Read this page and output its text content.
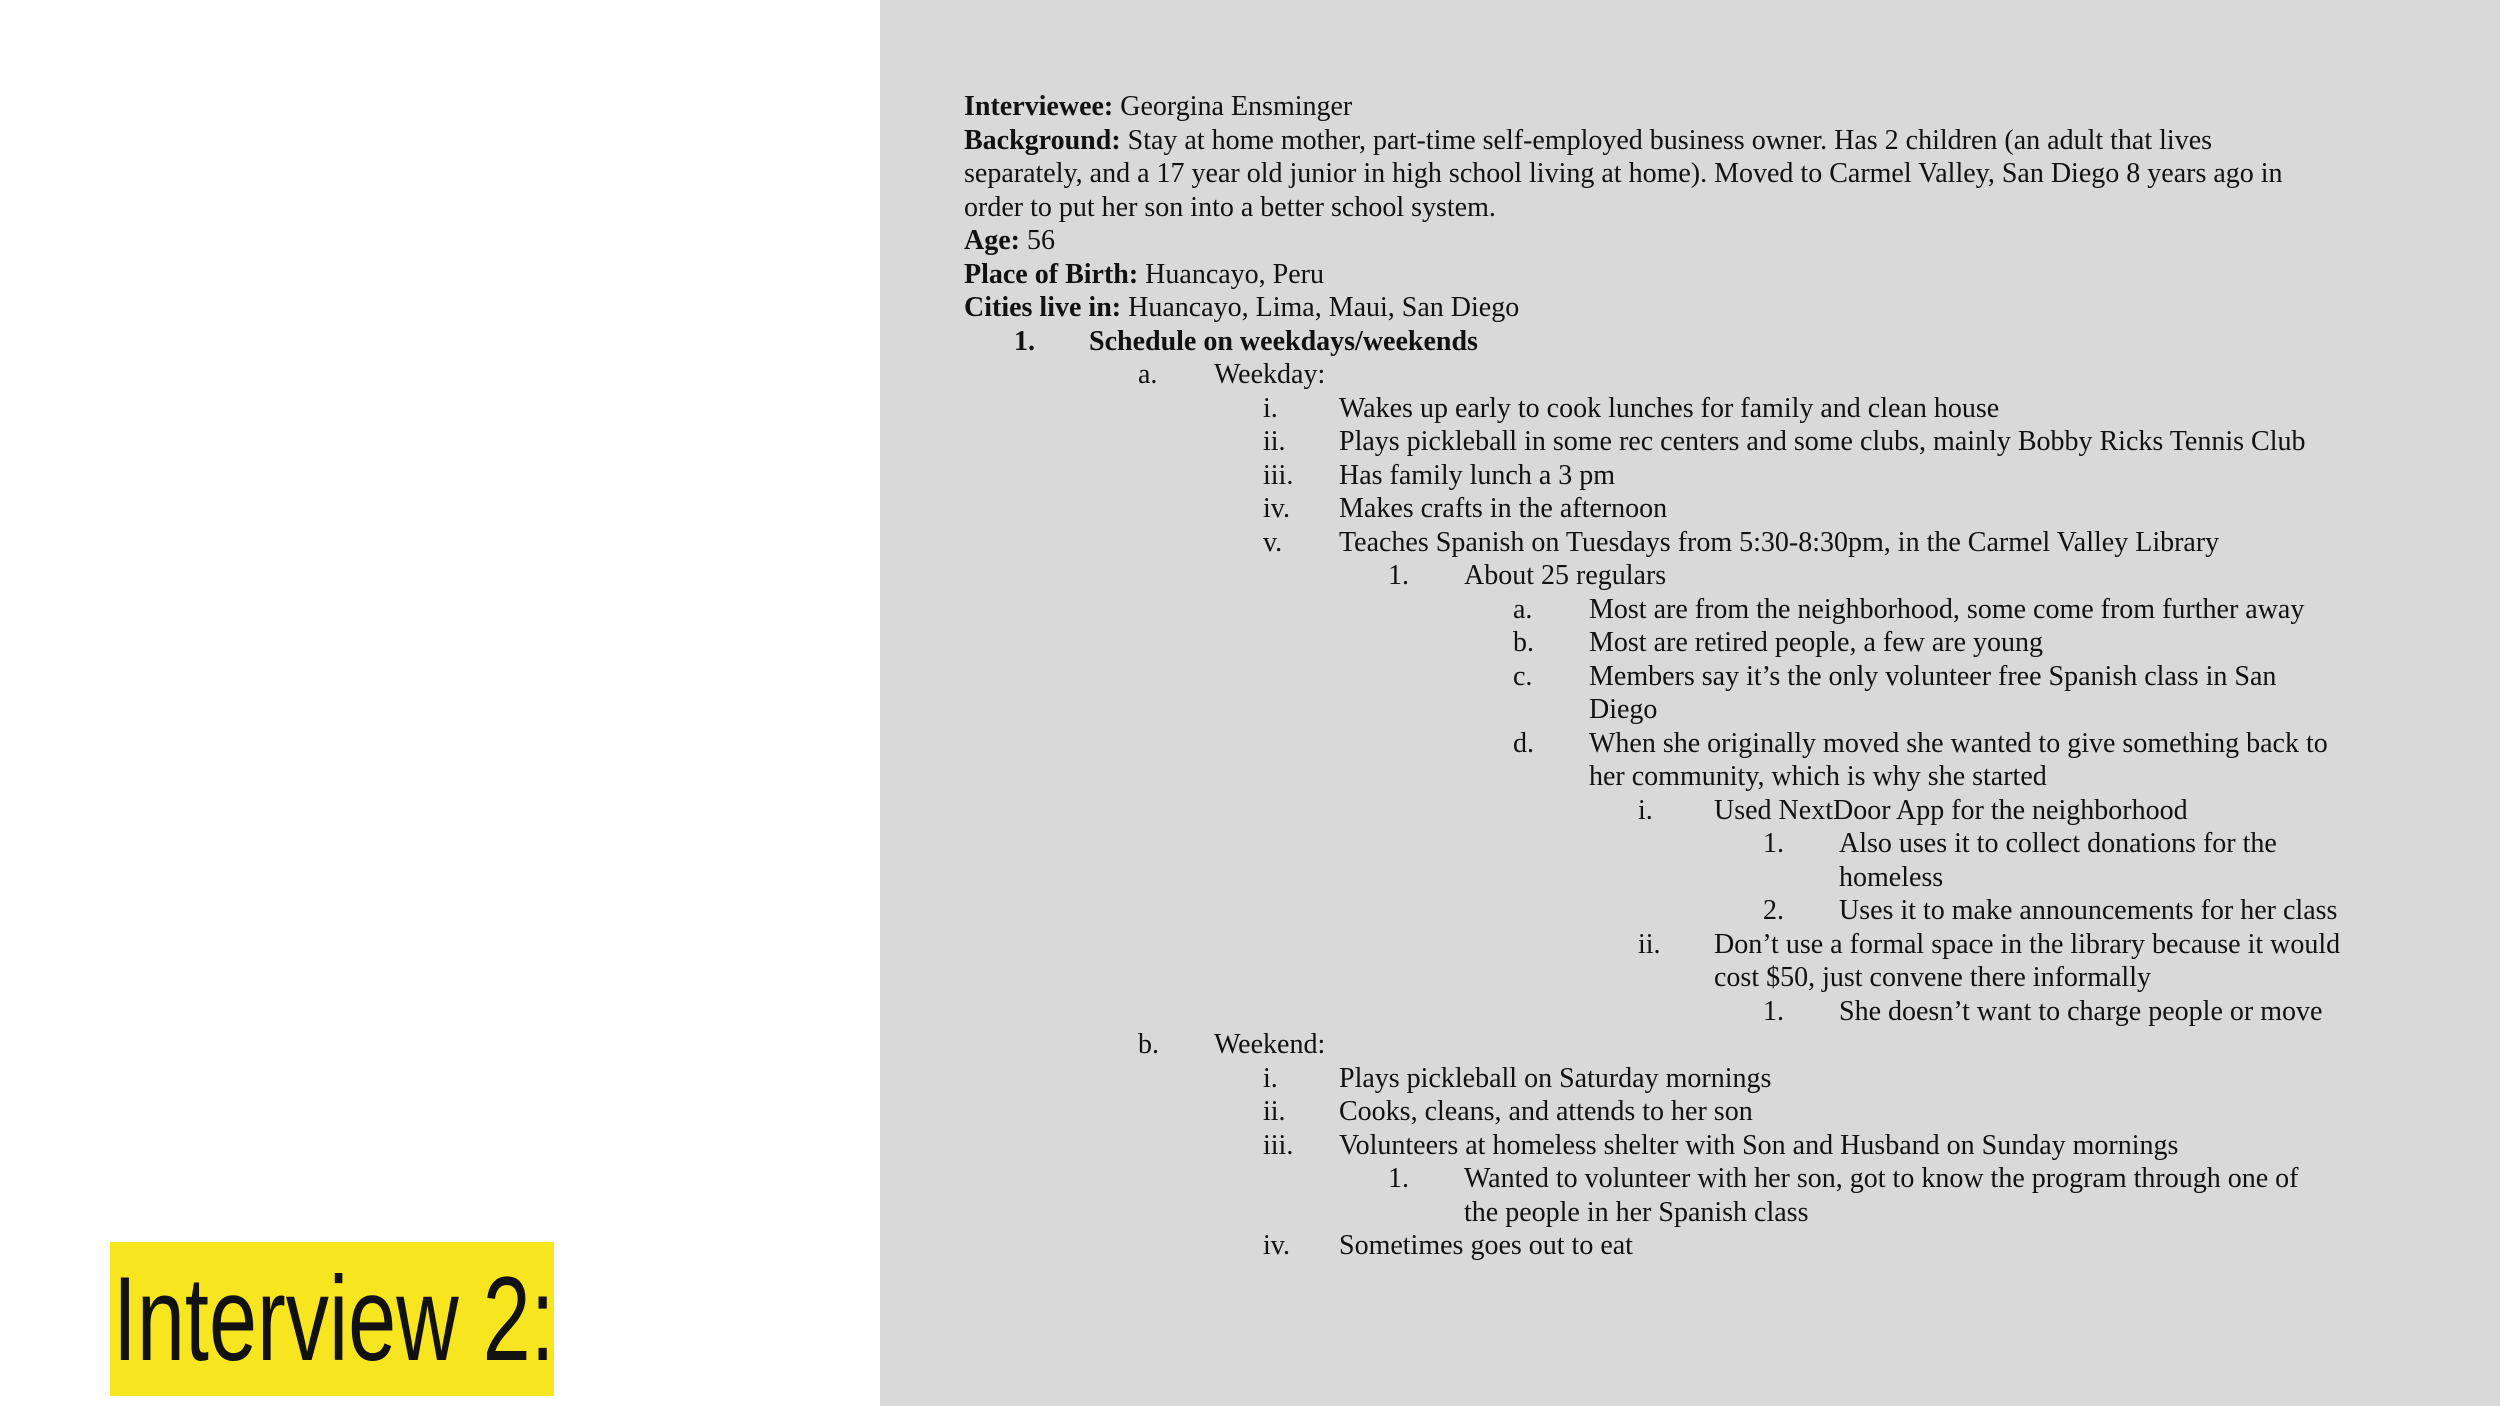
Interview 2:
Interviewee: Georgina Ensminger
Background: Stay at home mother, part-time self-employed business owner. Has 2 children (an adult that lives
separately, and a 17 year old junior in high school living at home). Moved to Carmel Valley, San Diego 8 years ago in
order to put her son into a better school system.
Age: 56
Place of Birth: Huancayo, Peru
Cities live in: Huancayo, Lima, Maui, San Diego
1. Schedule on weekdays/weekends
a. Weekday:
i. Wakes up early to cook lunches for family and clean house
ii. Plays pickleball in some rec centers and some clubs, mainly Bobby Ricks Tennis Club
iii. Has family lunch a 3 pm
iv. Makes crafts in the afternoon
v. Teaches Spanish on Tuesdays from 5:30-8:30pm, in the Carmel Valley Library
1. About 25 regulars
a. Most are from the neighborhood, some come from further away
b. Most are retired people, a few are young
c. Members say it’s the only volunteer free Spanish class in San
Diego
d. When she originally moved she wanted to give something back to
her community, which is why she started
i. Used NextDoor App for the neighborhood
1. Also uses it to collect donations for the
homeless
2. Uses it to make announcements for her class
ii. Don’t use a formal space in the library because it would
cost $50, just convene there informally
1. She doesn’t want to charge people or move
b. Weekend:
i. Plays pickleball on Saturday mornings
ii. Cooks, cleans, and attends to her son
iii. Volunteers at homeless shelter with Son and Husband on Sunday mornings
1. Wanted to volunteer with her son, got to know the program through one of
the people in her Spanish class
iv. Sometimes goes out to eat
